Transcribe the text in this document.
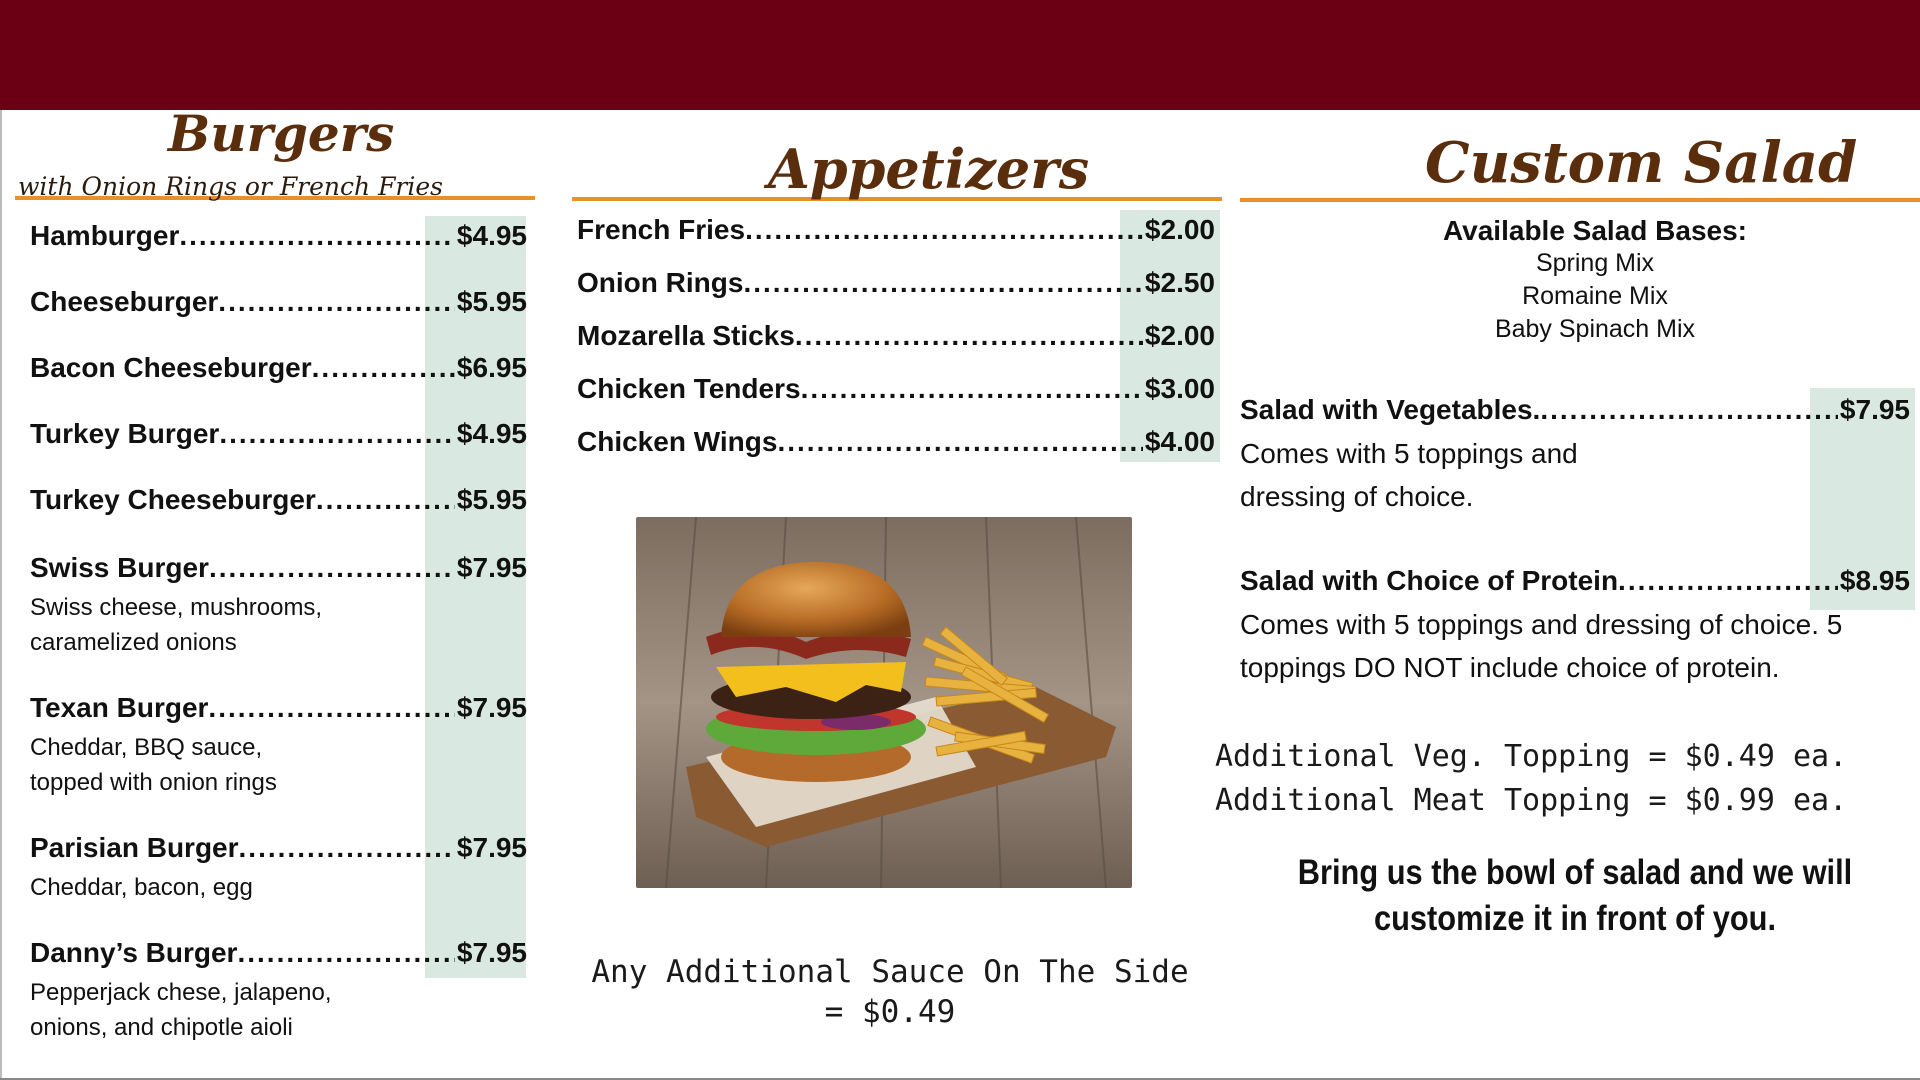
Burgers
with Onion Rings or French Fries
Hamburger .....	$4.95
Cheeseburger .....	$5.95
Bacon Cheeseburger .....	$6.95
Turkey Burger .....	$4.95
Turkey Cheeseburger .....	$5.95
Swiss Burger .....	$7.95
Swiss cheese, mushrooms, caramelized onions
Texan Burger .....	$7.95
Cheddar, BBQ sauce, topped with onion rings
Parisian Burger .....	$7.95
Cheddar, bacon, egg
Danny’s Burger .....	$7.95
Pepperjack chese, jalapeno, onions, and chipotle aioli
Appetizers
French Fries .....	$2.00
Onion Rings .....	$2.50
Mozarella Sticks .....	.$2.00
Chicken Tenders .....	$3.00
Chicken Wings .....	$4.00
Any Additional Sauce On The Side
= $0.49
Custom Salad
Available Salad Bases:
Spring Mix
Romaine Mix
Baby Spinach Mix
Salad with Vegetables. .....	$7.95
Comes with 5 toppings and dressing of choice.
Salad with Choice of Protein .....	$8.95
Comes with 5 toppings and dressing of choice. 5 toppings DO NOT include choice of protein.
Additional Veg. Topping = $0.49 ea.
Additional Meat Topping = $0.99 ea.
Bring us the bowl of salad and we will
customize it in front of you.
